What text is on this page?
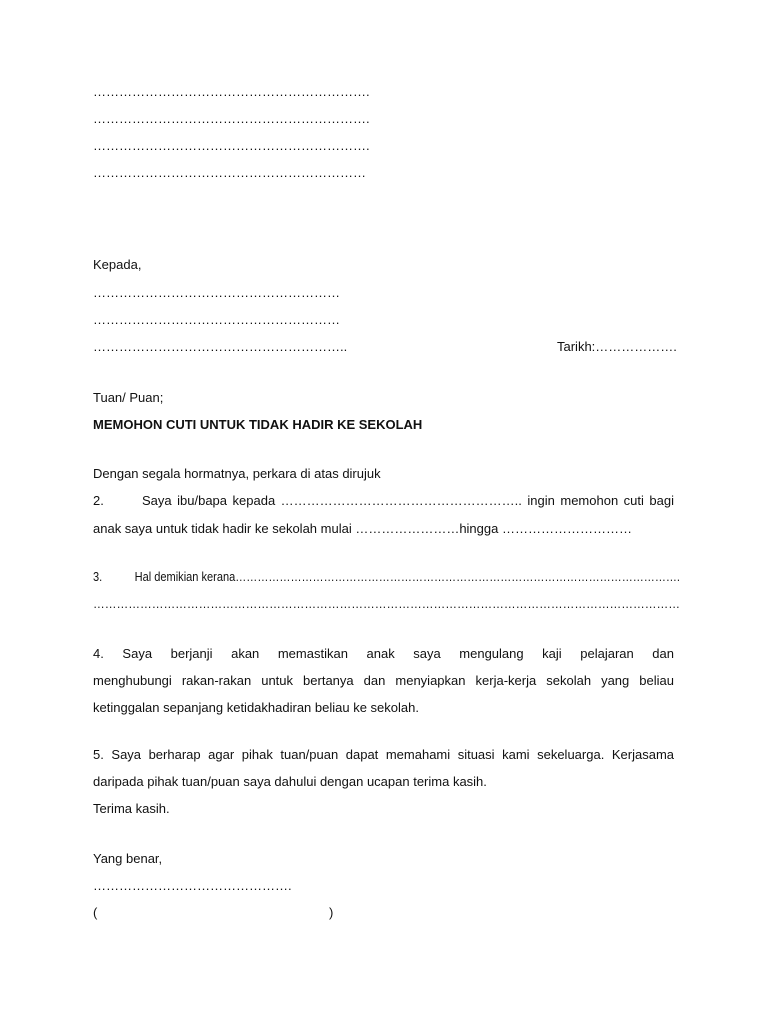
……………………………………………………….
……………………………………………………….
……………………………………………………….
………………………………………………………
Kepada,
…………………………………………………
…………………………………………………
…………………………………………………..	Tarikh:……………….
Tuan/ Puan;
MEMOHON CUTI UNTUK TIDAK HADIR KE SEKOLAH
Dengan segala hormatnya, perkara di atas dirujuk
2.	Saya ibu/bapa kepada ……………………………………………….. ingin memohon cuti bagi
anak saya untuk tidak hadir ke sekolah mulai ……………………hingga …………………………
3. Hal demikian kerana………………………………………………………………………………………………………….
……………………………………………………………………………………………………………………………………
4. Saya berjanji akan memastikan anak saya mengulang kaji pelajaran dan
menghubungi rakan-rakan untuk bertanya dan menyiapkan kerja-kerja sekolah yang beliau
ketinggalan sepanjang ketidakhadiran beliau ke sekolah.
5. Saya berharap agar pihak tuan/puan dapat memahami situasi kami sekeluarga. Kerjasama
daripada pihak tuan/puan saya dahului dengan ucapan terima kasih.
Terima kasih.
Yang benar,
……………………………………….
(	)
